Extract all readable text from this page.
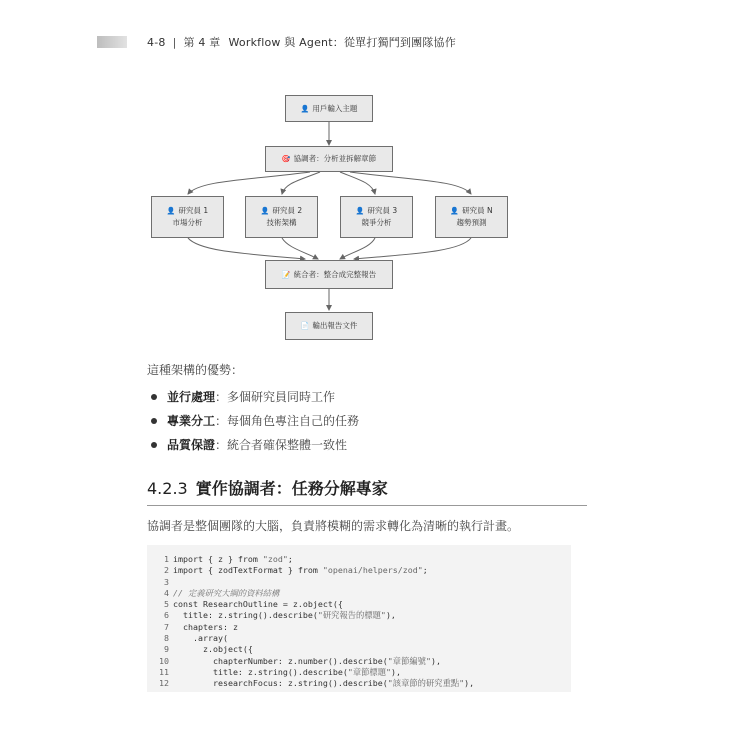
4-8 | 第 4 章 Workflow 與 Agent：從單打獨鬥到團隊協作
👤 用戶輸入主題
🎯 協調者：分析並拆解章節
👤 研究員 1
市場分析
👤 研究員 2
技術架構
👤 研究員 3
競爭分析
👤 研究員 N
趨勢預測
📝 統合者：整合成完整報告
📄 輸出報告文件
這種架構的優勢：
並行處理：多個研究員同時工作
專業分工：每個角色專注自己的任務
品質保證：統合者確保整體一致性
4.2.3 實作協調者：任務分解專家
協調者是整個團隊的大腦，負責將模糊的需求轉化為清晰的執行計畫。
1 import { z } from "zod";
2 import { zodTextFormat } from "openai/helpers/zod";
3
4 // 定義研究大綱的資料結構
5 const ResearchOutline = z.object({
6 title: z.string().describe("研究報告的標題"),
7 chapters: z
8 .array(
9 z.object({
10 chapterNumber: z.number().describe("章節編號"),
11 title: z.string().describe("章節標題"),
12 researchFocus: z.string().describe("該章節的研究重點"),
